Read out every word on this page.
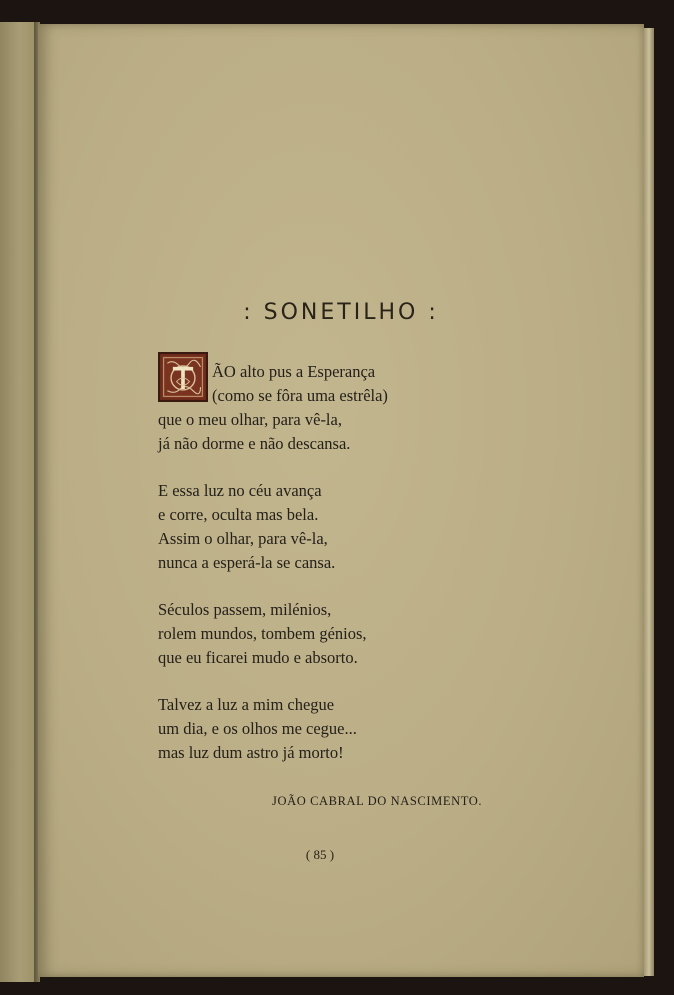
: SONETILHO :
ÃO alto pus a Esperança
(como se fôra uma estrêla)
que o meu olhar, para vê-la,
já não dorme e não descansa.
E essa luz no céu avança
e corre, oculta mas bela.
Assim o olhar, para vê-la,
nunca a esperá-la se cansa.
Séculos passem, milénios,
rolem mundos, tombem génios,
que eu ficarei mudo e absorto.
Talvez a luz a mim chegue
um dia, e os olhos me cegue...
mas luz dum astro já morto!
JOÃO CABRAL DO NASCIMENTO.
( 85 )
